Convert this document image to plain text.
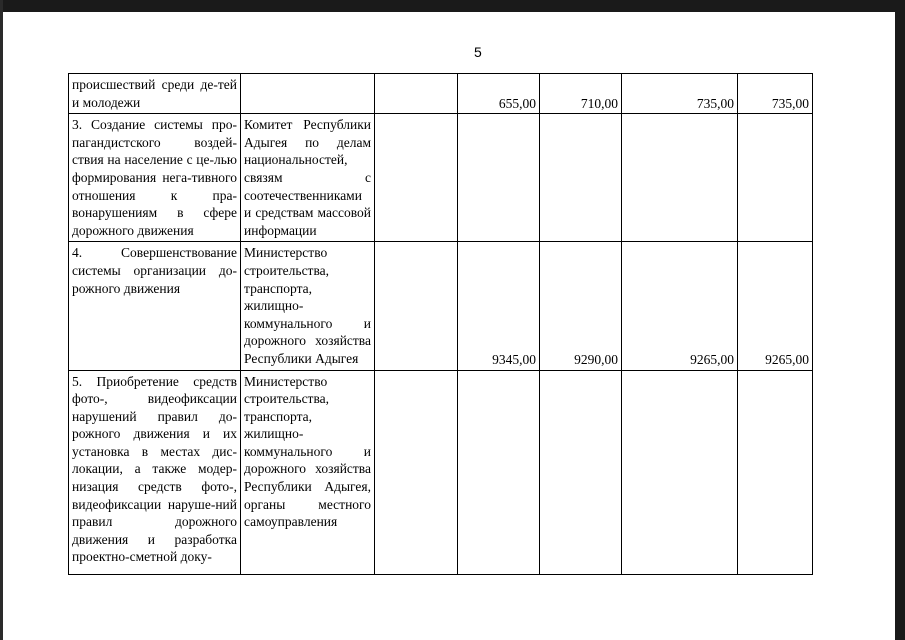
5
происшествий среди де-тей и молодежи			655,00	710,00	735,00	735,00
3. Создание системы про-пагандистского воздей-ствия на население с це-лью формирования нега-тивного отношения к пра-вонарушениям в сфере дорожного движения	Комитет Республики Адыгея по делам национальностей, связям с соотечественниками и средствам массовой информации					
4. Совершенствование системы организации до-рожного движения	Министерство строительства, транспорта, жилищно-коммунального и дорожного хозяйства Республики Адыгея		9345,00	9290,00	9265,00	9265,00
5. Приобретение средств фото-, видеофиксации нарушений правил до-рожного движения и их установка в местах дис-локации, а также модер-низация средств фото-, видеофиксации наруше-ний правил дорожного движения и разработка проектно-сметной доку-	Министерство строительства, транспорта, жилищно-коммунального и дорожного хозяйства Республики Адыгея, органы местного самоуправления					
